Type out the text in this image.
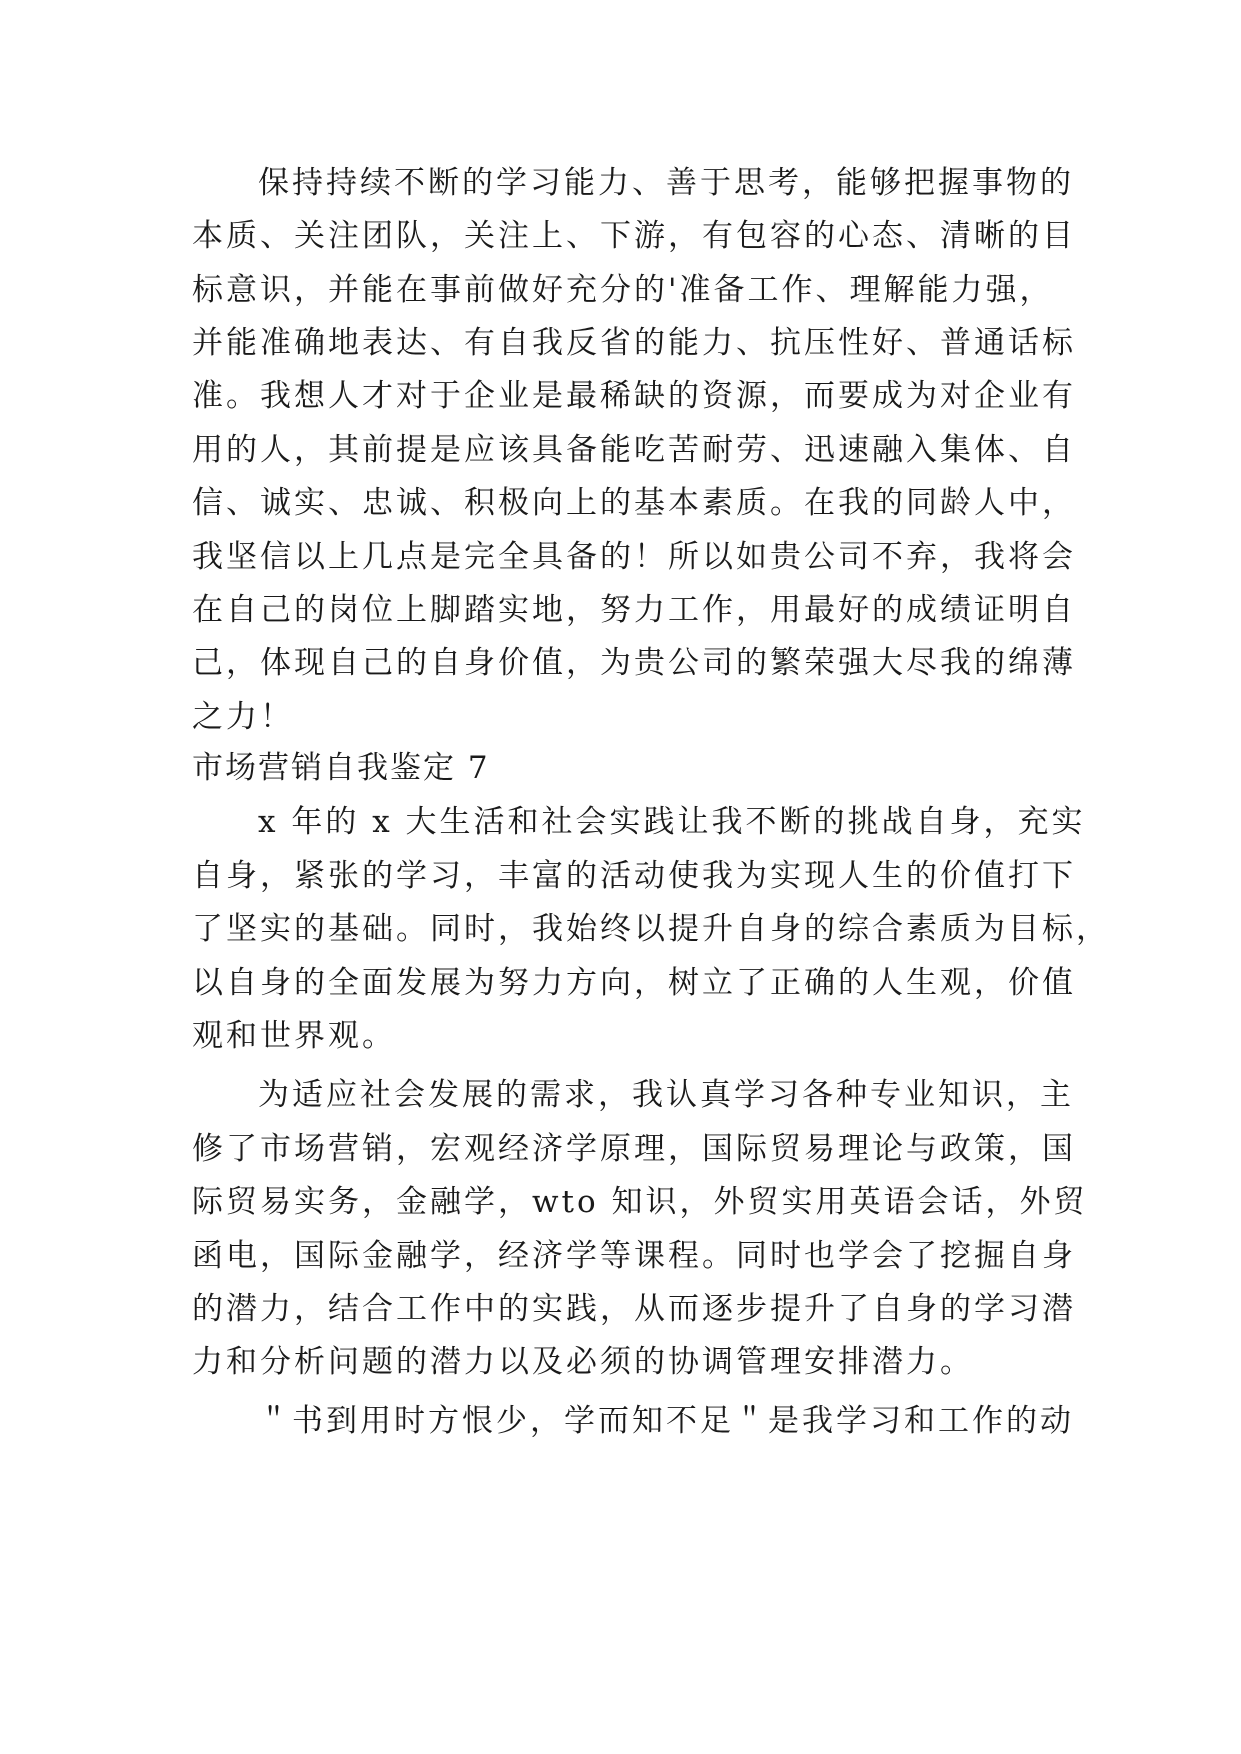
保持持续不断的学习能力、善于思考，能够把握事物的
本质、关注团队，关注上、下游，有包容的心态、清晰的目
标意识，并能在事前做好充分的'准备工作、理解能力强，
并能准确地表达、有自我反省的能力、抗压性好、普通话标
准。我想人才对于企业是最稀缺的资源，而要成为对企业有
用的人，其前提是应该具备能吃苦耐劳、迅速融入集体、自
信、诚实、忠诚、积极向上的基本素质。在我的同龄人中，
我坚信以上几点是完全具备的！所以如贵公司不弃，我将会
在自己的岗位上脚踏实地，努力工作，用最好的成绩证明自
己，体现自己的自身价值，为贵公司的繁荣强大尽我的绵薄
之力！
市场营销自我鉴定 7
x 年的 x 大生活和社会实践让我不断的挑战自身，充实
自身，紧张的学习，丰富的活动使我为实现人生的价值打下
了坚实的基础。同时，我始终以提升自身的综合素质为目标，
以自身的全面发展为努力方向，树立了正确的人生观，价值
观和世界观。
为适应社会发展的需求，我认真学习各种专业知识，主
修了市场营销，宏观经济学原理，国际贸易理论与政策，国
际贸易实务，金融学，wto 知识，外贸实用英语会话，外贸
函电，国际金融学，经济学等课程。同时也学会了挖掘自身
的潜力，结合工作中的实践，从而逐步提升了自身的学习潜
力和分析问题的潜力以及必须的协调管理安排潜力。
＂书到用时方恨少，学而知不足＂是我学习和工作的动
